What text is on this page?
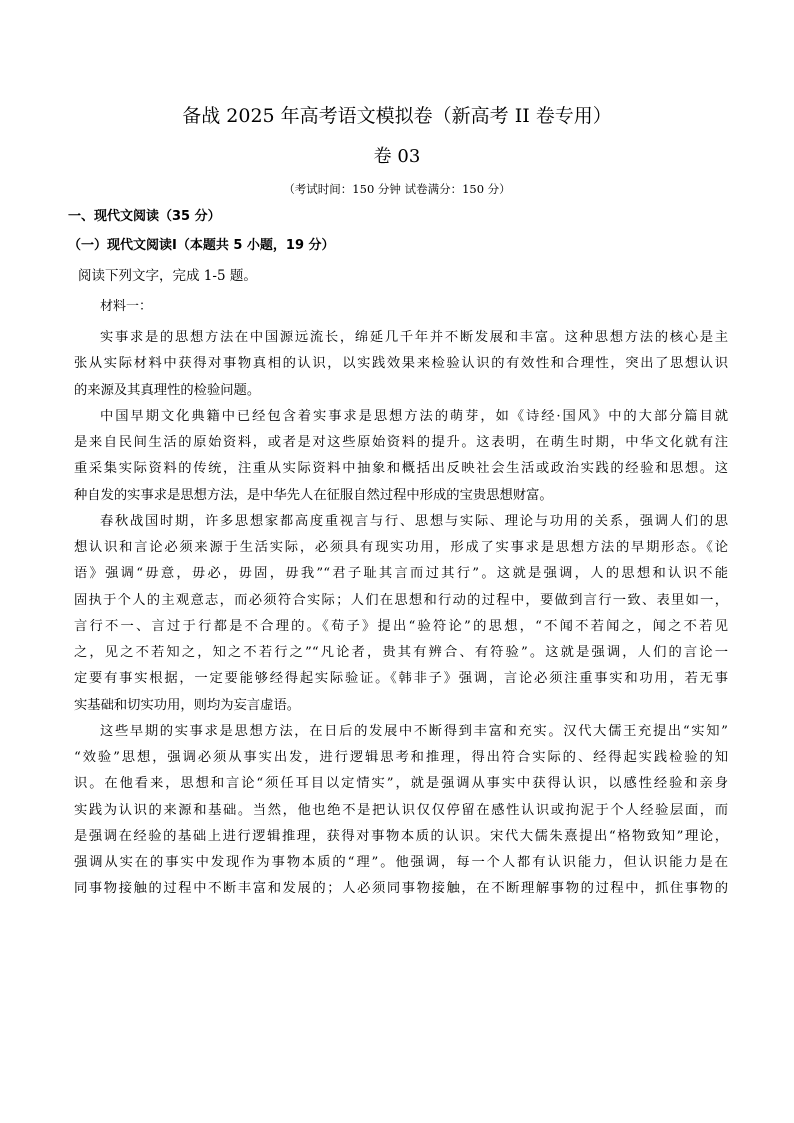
备战 2025 年高考语文模拟卷（新高考 II 卷专用）
卷 03
（考试时间：150 分钟 试卷满分：150 分）
一、现代文阅读（35 分）
（一）现代文阅读Ⅰ（本题共 5 小题，19 分）
阅读下列文字，完成 1-5 题。
材料一：
实事求是的思想方法在中国源远流长，绵延几千年并不断发展和丰富。这种思想方法的核心是主
张从实际材料中获得对事物真相的认识，以实践效果来检验认识的有效性和合理性，突出了思想认识
的来源及其真理性的检验问题。
中国早期文化典籍中已经包含着实事求是思想方法的萌芽，如《诗经·国风》中的大部分篇目就
是来自民间生活的原始资料，或者是对这些原始资料的提升。这表明，在萌生时期，中华文化就有注
重采集实际资料的传统，注重从实际资料中抽象和概括出反映社会生活或政治实践的经验和思想。这
种自发的实事求是思想方法，是中华先人在征服自然过程中形成的宝贵思想财富。
春秋战国时期，许多思想家都高度重视言与行、思想与实际、理论与功用的关系，强调人们的思
想认识和言论必须来源于生活实际，必须具有现实功用，形成了实事求是思想方法的早期形态。《论
语》强调“毋意，毋必，毋固，毋我”“君子耻其言而过其行”。这就是强调，人的思想和认识不能
固执于个人的主观意志，而必须符合实际；人们在思想和行动的过程中，要做到言行一致、表里如一，
言行不一、言过于行都是不合理的。《荀子》提出“验符论”的思想，“不闻不若闻之，闻之不若见
之，见之不若知之，知之不若行之”“凡论者，贵其有辨合、有符验”。这就是强调，人们的言论一
定要有事实根据，一定要能够经得起实际验证。《韩非子》强调，言论必须注重事实和功用，若无事
实基础和切实功用，则均为妄言虚语。
这些早期的实事求是思想方法，在日后的发展中不断得到丰富和充实。汉代大儒王充提出“实知”
“效验”思想，强调必须从事实出发，进行逻辑思考和推理，得出符合实际的、经得起实践检验的知
识。在他看来，思想和言论“须任耳目以定情实”，就是强调从事实中获得认识，以感性经验和亲身
实践为认识的来源和基础。当然，他也绝不是把认识仅仅停留在感性认识或拘泥于个人经验层面，而
是强调在经验的基础上进行逻辑推理，获得对事物本质的认识。宋代大儒朱熹提出“格物致知”理论，
强调从实在的事实中发现作为事物本质的“理”。他强调，每一个人都有认识能力，但认识能力是在
同事物接触的过程中不断丰富和发展的；人必须同事物接触，在不断理解事物的过程中，抓住事物的
